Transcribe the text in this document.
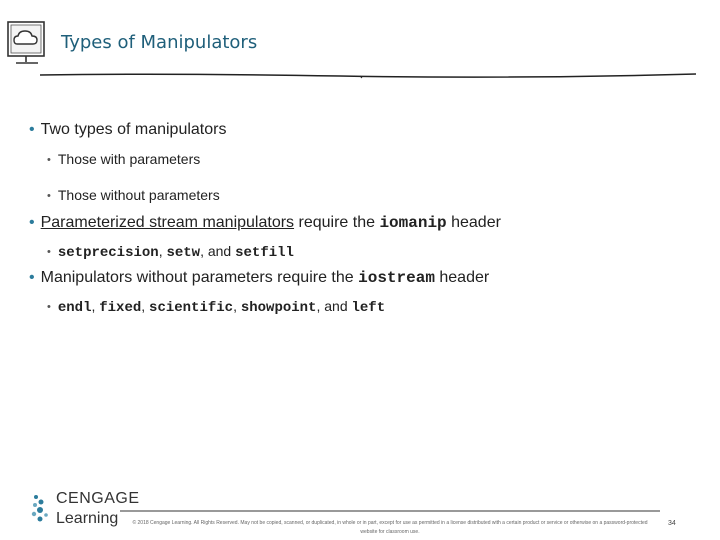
Types of Manipulators
• Two types of manipulators
• Those with parameters
• Those without parameters
• Parameterized stream manipulators require the iomanip header
• setprecision, setw, and setfill
• Manipulators without parameters require the iostream header
• endl, fixed, scientific, showpoint, and left
CENGAGE
Learning	© 2018 Cengage Learning. All Rights Reserved. May not be copied, scanned, or duplicated, in whole or in part, except for use as permitted in a license distributed with a certain product or service or otherwise on a password-protected website for classroom use.
34
